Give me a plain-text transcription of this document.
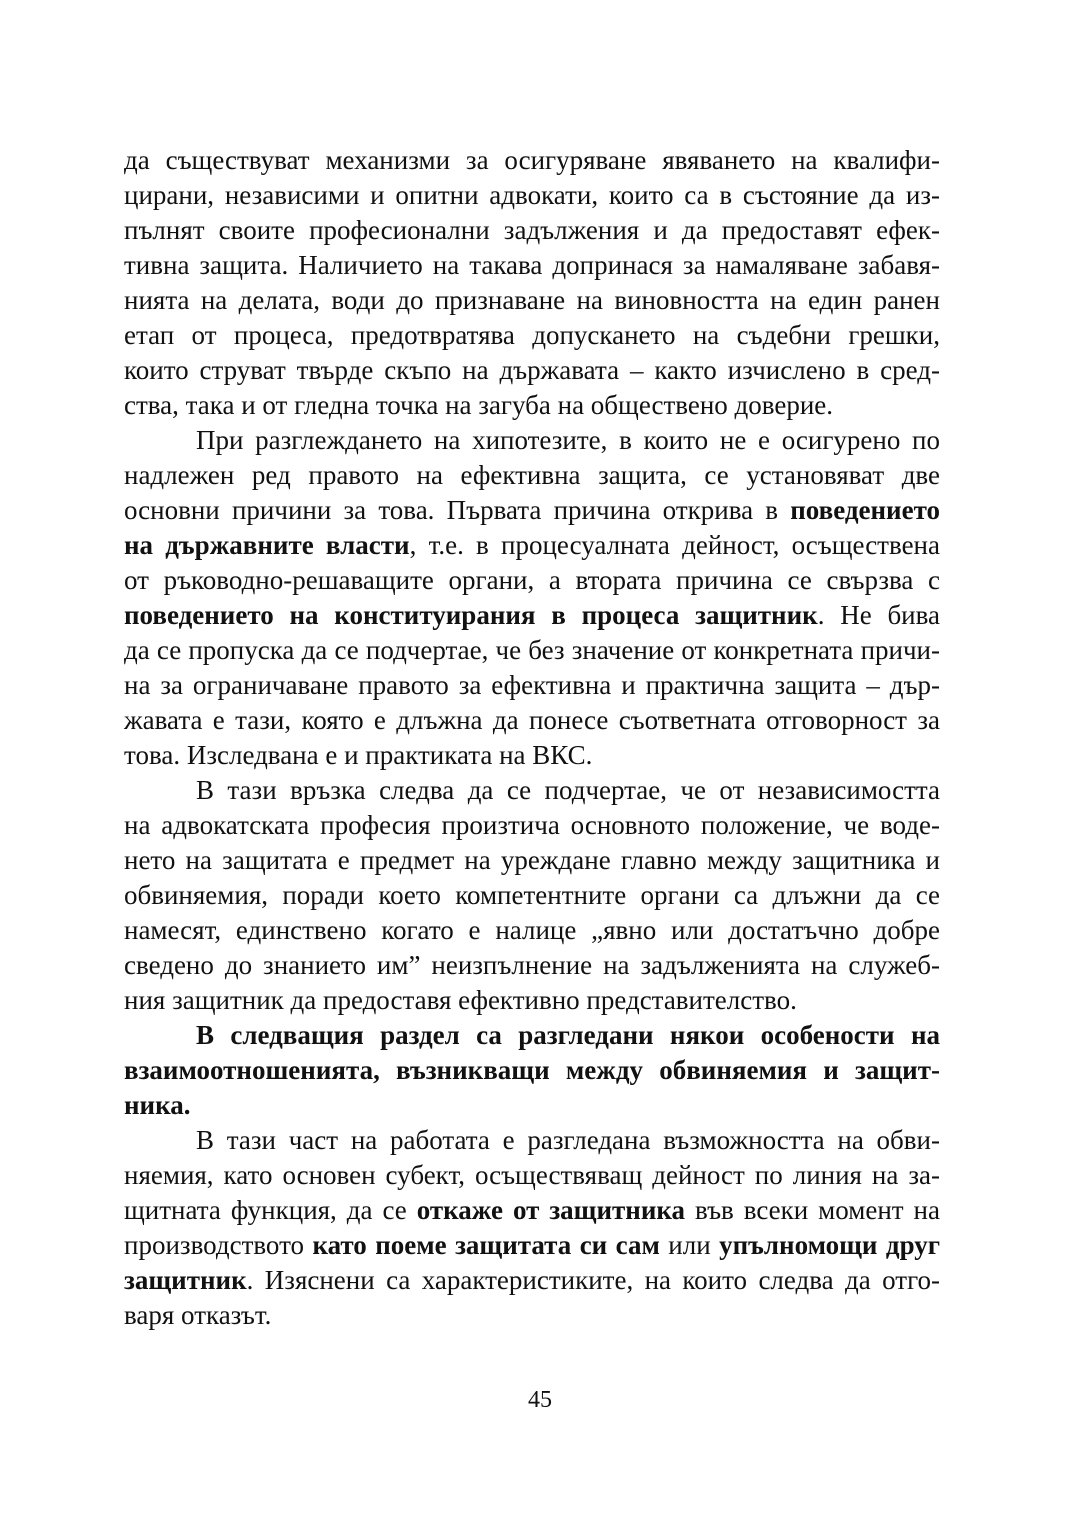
да съществуват механизми за осигуряване явяването на квалифи-
цирани, независими и опитни адвокати, които са в състояние да из-
пълнят своите професионални задължения и да предоставят ефек-
тивна защита. Наличието на такава допринася за намаляване забавя-
нията на делата, води до признаване на виновността на един ранен
етап от процеса, предотвратява допускането на съдебни грешки,
които струват твърде скъпо на държавата – както изчислено в сред-
ства, така и от гледна точка на загуба на обществено доверие.
При разглеждането на хипотезите, в които не е осигурено по
надлежен ред правото на ефективна защита, се установяват две
основни причини за това. Първата причина открива в поведението
на държавните власти, т.е. в процесуалната дейност, осъществена
от ръководно-решаващите органи, а втората причина се свързва с
поведението на конституирания в процеса защитник. Не бива
да се пропуска да се подчертае, че без значение от конкретната причи-
на за ограничаване правото за ефективна и практична защита – дър-
жавата е тази, която е длъжна да понесе съответната отговорност за
това. Изследвана е и практиката на ВКС.
В тази връзка следва да се подчертае, че от независимостта
на адвокатската професия произтича основното положение, че воде-
нето на защитата е предмет на уреждане главно между защитника и
обвиняемия, поради което компетентните органи са длъжни да се
намесят, единствено когато е налице „явно или достатъчно добре
сведено до знанието им” неизпълнение на задълженията на служеб-
ния защитник да предоставя ефективно представителство.
В следващия раздел са разгледани някои особености на
взаимоотношенията, възникващи между обвиняемия и защит-
ника.
В тази част на работата е разгледана възможността на обви-
няемия, като основен субект, осъществяващ дейност по линия на за-
щитната функция, да се откаже от защитника във всеки момент на
производството като поеме защитата си сам или упълномощи друг
защитник. Изяснени са характеристиките, на които следва да отго-
варя отказът.
45
